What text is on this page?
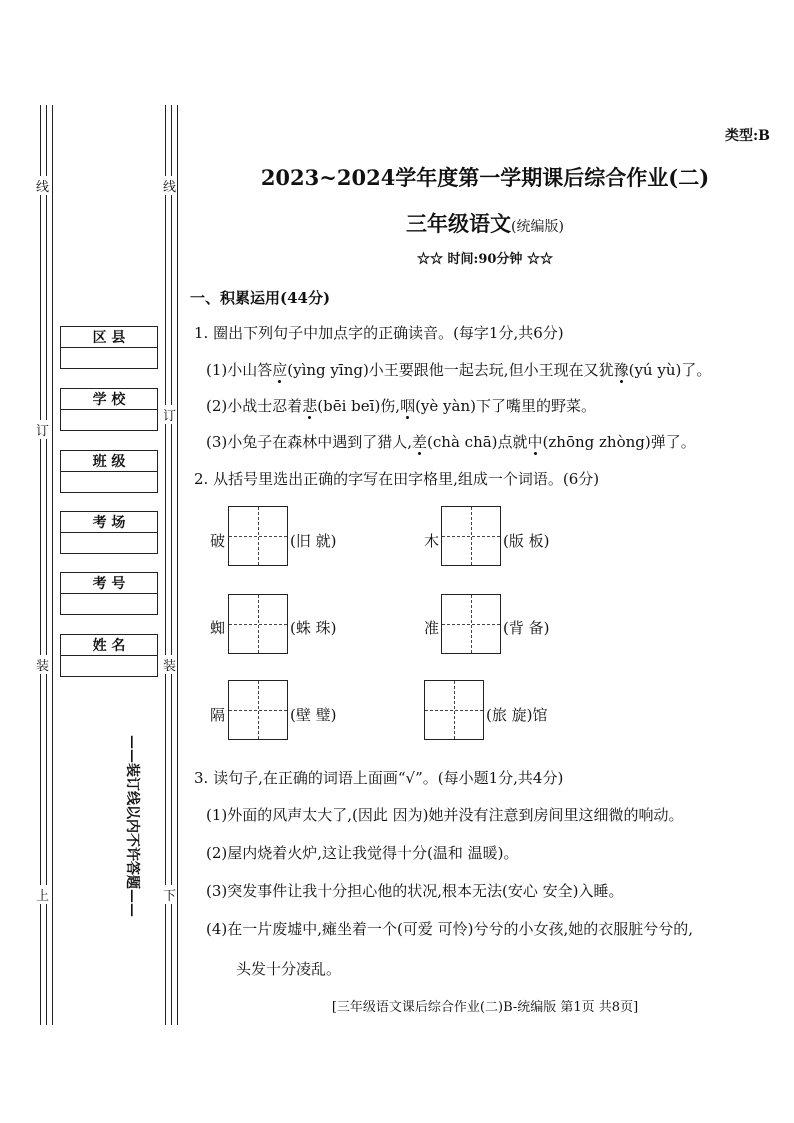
线
订
装
上
线
订
装
下
——装订线以内不许答题——
区 县
学 校
班 级
考 场
考 号
姓 名
类型:B
2023~2024学年度第一学期课后综合作业(二)
三年级语文(统编版)
☆☆ 时间:90分钟 ☆☆
一、积累运用(44分)
1. 圈出下列句子中加点字的正确读音。(每字1分,共6分)
(1)小山答应(yìng yīng)小王要跟他一起去玩,但小王现在又犹豫(yú yù)了。
(2)小战士忍着悲(bēi beī)伤,咽(yè yàn)下了嘴里的野菜。
(3)小兔子在森林中遇到了猎人,差(chà chā)点就中(zhōng zhòng)弹了。
2. 从括号里选出正确的字写在田字格里,组成一个词语。(6分)
破	(旧 就)	木	(版 板)
蜘	(蛛 珠)	准	(背 备)
隔	(壁 璧)	(旅 旋)馆
3. 读句子,在正确的词语上面画“√”。(每小题1分,共4分)
(1)外面的风声太大了,(因此 因为)她并没有注意到房间里这细微的响动。
(2)屋内烧着火炉,这让我觉得十分(温和 温暖)。
(3)突发事件让我十分担心他的状况,根本无法(安心 安全)入睡。
(4)在一片废墟中,瘫坐着一个(可爱 可怜)兮兮的小女孩,她的衣服脏兮兮的,
头发十分凌乱。
[三年级语文课后综合作业(二)B-统编版 第1页 共8页]
